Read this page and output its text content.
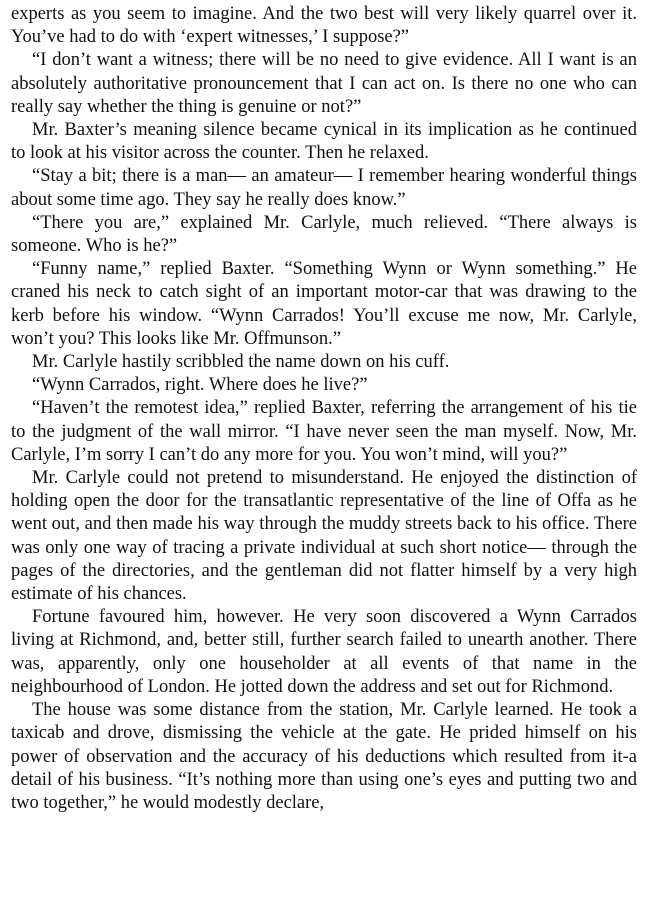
experts as you seem to imagine. And the two best will very likely quarrel over it. You’ve had to do with ‘expert witnesses,’ I suppose?”

“I don’t want a witness; there will be no need to give evidence. All I want is an absolutely authoritative pronouncement that I can act on. Is there no one who can really say whether the thing is genuine or not?”

Mr. Baxter’s meaning silence became cynical in its implication as he continued to look at his visitor across the counter. Then he relaxed.

“Stay a bit; there is a man— an amateur— I remember hearing wonderful things about some time ago. They say he really does know.”

“There you are,” explained Mr. Carlyle, much relieved. “There always is someone. Who is he?”

“Funny name,” replied Baxter. “Something Wynn or Wynn something.” He craned his neck to catch sight of an important motor-car that was drawing to the kerb before his window. “Wynn Carrados! You’ll excuse me now, Mr. Carlyle, won’t you? This looks like Mr. Offmunson.”

Mr. Carlyle hastily scribbled the name down on his cuff.

“Wynn Carrados, right. Where does he live?”

“Haven’t the remotest idea,” replied Baxter, referring the arrangement of his tie to the judgment of the wall mirror. “I have never seen the man myself. Now, Mr. Carlyle, I’m sorry I can’t do any more for you. You won’t mind, will you?”

Mr. Carlyle could not pretend to misunderstand. He enjoyed the distinction of holding open the door for the transatlantic representative of the line of Offa as he went out, and then made his way through the muddy streets back to his office. There was only one way of tracing a private individual at such short notice— through the pages of the directories, and the gentleman did not flatter himself by a very high estimate of his chances.

Fortune favoured him, however. He very soon discovered a Wynn Carrados living at Richmond, and, better still, further search failed to unearth another. There was, apparently, only one householder at all events of that name in the neighbourhood of London. He jotted down the address and set out for Richmond.

The house was some distance from the station, Mr. Carlyle learned. He took a taxicab and drove, dismissing the vehicle at the gate. He prided himself on his power of observation and the accuracy of his deductions which resulted from it-a detail of his business. “It’s nothing more than using one’s eyes and putting two and two together,” he would modestly declare,
